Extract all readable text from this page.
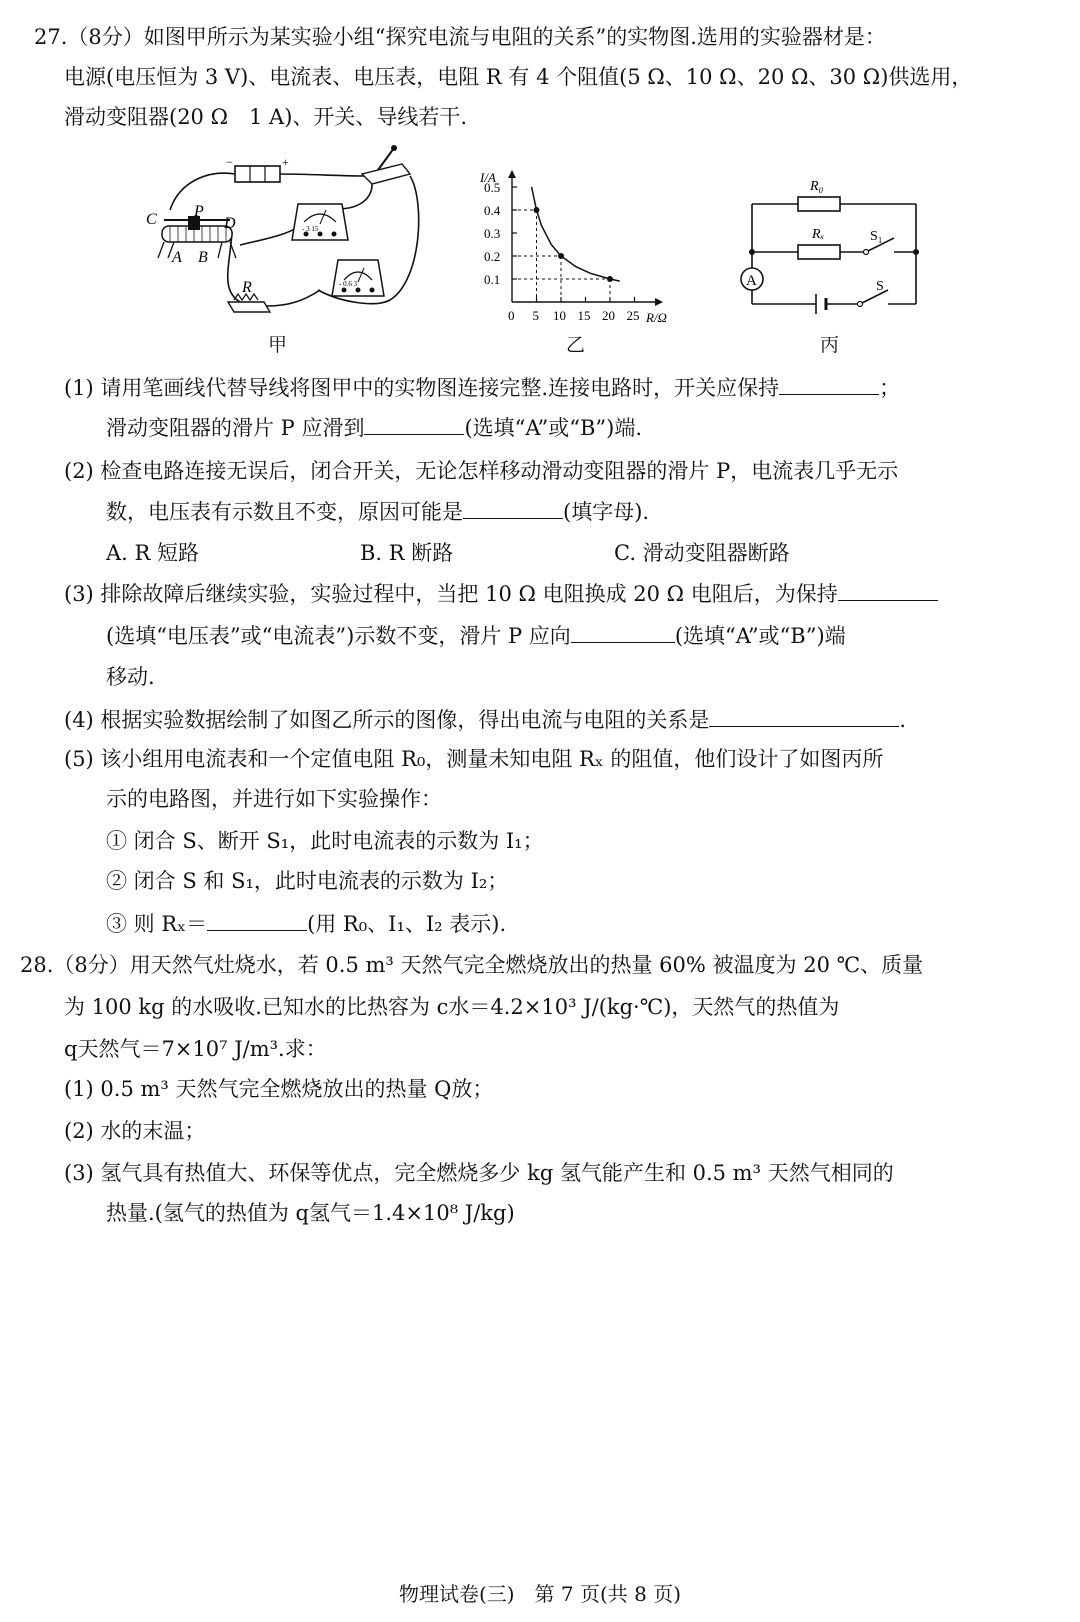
27.（8分）如图甲所示为某实验小组“探究电流与电阻的关系”的实物图.选用的实验器材是：
电源(电压恒为 3 V)、电流表、电压表，电阻 R 有 4 个阻值(5 Ω、10 Ω、20 Ω、30 Ω)供选用，
滑动变阻器(20 Ω　1 A)、开关、导线若干.
−	+
- 3 15
- 0.6 3
C P
D
A B
R
甲
I/A
R/Ω
0.1
0.2
0.3
0.4
0.5
0 5 10 15 20 25
乙
A
R₀
Rₓ	S₁
S
丙
(1) 请用笔画线代替导线将图甲中的实物图连接完整.连接电路时，开关应保持	；
滑动变阻器的滑片 P 应滑到	(选填“A”或“B”)端.
(2) 检查电路连接无误后，闭合开关，无论怎样移动滑动变阻器的滑片 P，电流表几乎无示
数，电压表有示数且不变，原因可能是	(填字母).
A. R 短路	B. R 断路	C. 滑动变阻器断路
(3) 排除故障后继续实验，实验过程中，当把 10 Ω 电阻换成 20 Ω 电阻后，为保持
(选填“电压表”或“电流表”)示数不变，滑片 P 应向	(选填“A”或“B”)端
移动.
(4) 根据实验数据绘制了如图乙所示的图像，得出电流与电阻的关系是	.
(5) 该小组用电流表和一个定值电阻 R₀，测量未知电阻 Rₓ 的阻值，他们设计了如图丙所
示的电路图，并进行如下实验操作：
① 闭合 S、断开 S₁，此时电流表的示数为 I₁；
② 闭合 S 和 S₁，此时电流表的示数为 I₂；
③ 则 Rₓ＝	(用 R₀、I₁、I₂ 表示).
28.（8分）用天然气灶烧水，若 0.5 m³ 天然气完全燃烧放出的热量 60% 被温度为 20 ℃、质量
为 100 kg 的水吸收.已知水的比热容为 c水＝4.2×10³ J/(kg·℃)，天然气的热值为
q天然气＝7×10⁷ J/m³.求：
(1) 0.5 m³ 天然气完全燃烧放出的热量 Q放；
(2) 水的末温；
(3) 氢气具有热值大、环保等优点，完全燃烧多少 kg 氢气能产生和 0.5 m³ 天然气相同的
热量.(氢气的热值为 q氢气＝1.4×10⁸ J/kg)
物理试卷(三)　第 7 页(共 8 页)
